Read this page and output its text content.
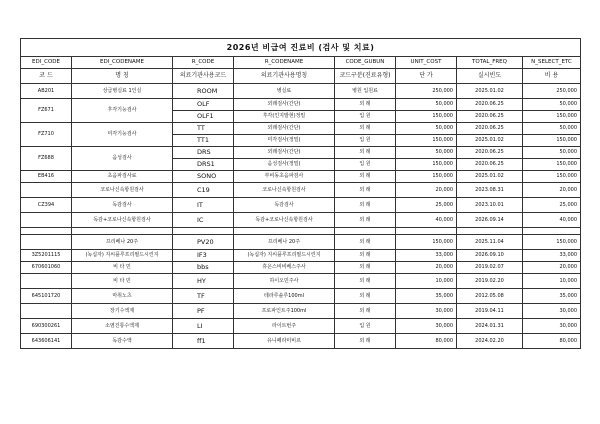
2026년 비급여 진료비 (검사 및 치료)							
EDI_CODE	EDI_CODENAME	R_CODE	R_CODENAME	CODE_GUBUN	UNIT_COST	TOTAL_FREQ	N_SELECT_ETC
코 드	명 칭	의료기관사용코드	의료기관사용명칭	코드구분(진료유형)	단 가	실시빈도	비 용
AB201	상급병실료 1인실	ROOM	병실료	병원 입원료	250,000	2025.01.02	250,000
FZ671	후각기능검사	OLF	외래검사(간단)	외 래	50,000	2020.06.25	50,000
		OLF1	후각(인지발현)정밀	입 원	150,000	2020.06.25	150,000
FZ710	미각기능검사	TT	외래검사(간단)	외 래	50,000	2020.06.25	50,000
		TT1	미각검사(정밀)	입 원	150,000	2025.01.02	150,000
FZ688	음성검사	DRS	외래검사(간단)	외 래	50,000	2020.06.25	50,000
		DRS1	음성검사(정밀)	입 원	150,000	2020.06.25	150,000
EB416	초음파검사료	SONO	부비동초음파검사	외 래	150,000	2025.01.02	150,000
	코로나신속항원검사	C19	코로나신속항원검사	외 래	20,000	2023.08.31	20,000
CZ394	독감검사	IT	독감검사	외 래	25,000	2023.10.01	25,000
	독감+코로나신속항원검사	IC	독감+코로나신속항원검사	외 래	40,000	2026.09.14	40,000

	프리베나 20주	PV20	프리베나 20주	외 래	150,000	2025.11.04	150,000
3Z5201115	(녹십자) 지씨플루프리필드시린지	IF3	(녹십자) 지씨플루프리필드시린지	외 래	33,000	2026.09.10	33,000
670601060	비 타 민	bbs	휴온스비비베스주사	외 래	20,000	2019.02.07	20,000
	비 타 민	HY	하이오민주사	외 래	10,000	2019.02.20	10,000
645101720	마취노츠	TF	테라루솔루100ml	외 래	35,000	2012.05.08	35,000
	장기수액제	PF	프로파인트주100ml	외 래	30,000	2019.04.11	30,000
690300261	소염진통수액제	LI	라이트번주	입 원	30,000	2024.01.31	30,000
643606141	독감수액	ff1	유니페라미비르	외 래	80,000	2024.02.20	80,000
